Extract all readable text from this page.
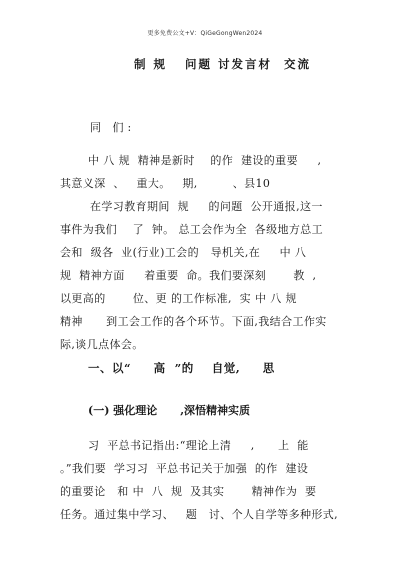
更多免费公文+V：QiGeGongWen2024
制 规   问题 讨发言材  交流
同 们:
中 八 规  精神是新时    的作  建设的重要     ,
其意义深  、   重大。   期,         、县10
在学习教育期间  规     的问题  公开通报,这一
事件为我们    了  钟。 总工会作为全  各级地方总工
会和  级各  业(行业)工会的   导机关,在     中 八
规  精神方面     着重要  命。我们要深刻       教  ,
以更高的       位、更 的工作标准,  实 中 八 规
精神      到工会工作的各个环节。下面,我结合工作实
际,谈几点体会。
一、以“     高  ”的    自觉,     思
(一) 强化理论      ,深悟精神实质
习  平总书记指出:“理论上清     ,      上  能
。”我们要  学习习  平总书记关于加强  的作  建设
的重要论   和 中  八  规  及其实       精神作为  要
任务。通过集中学习、   题   讨、个人自学等多种形式,
